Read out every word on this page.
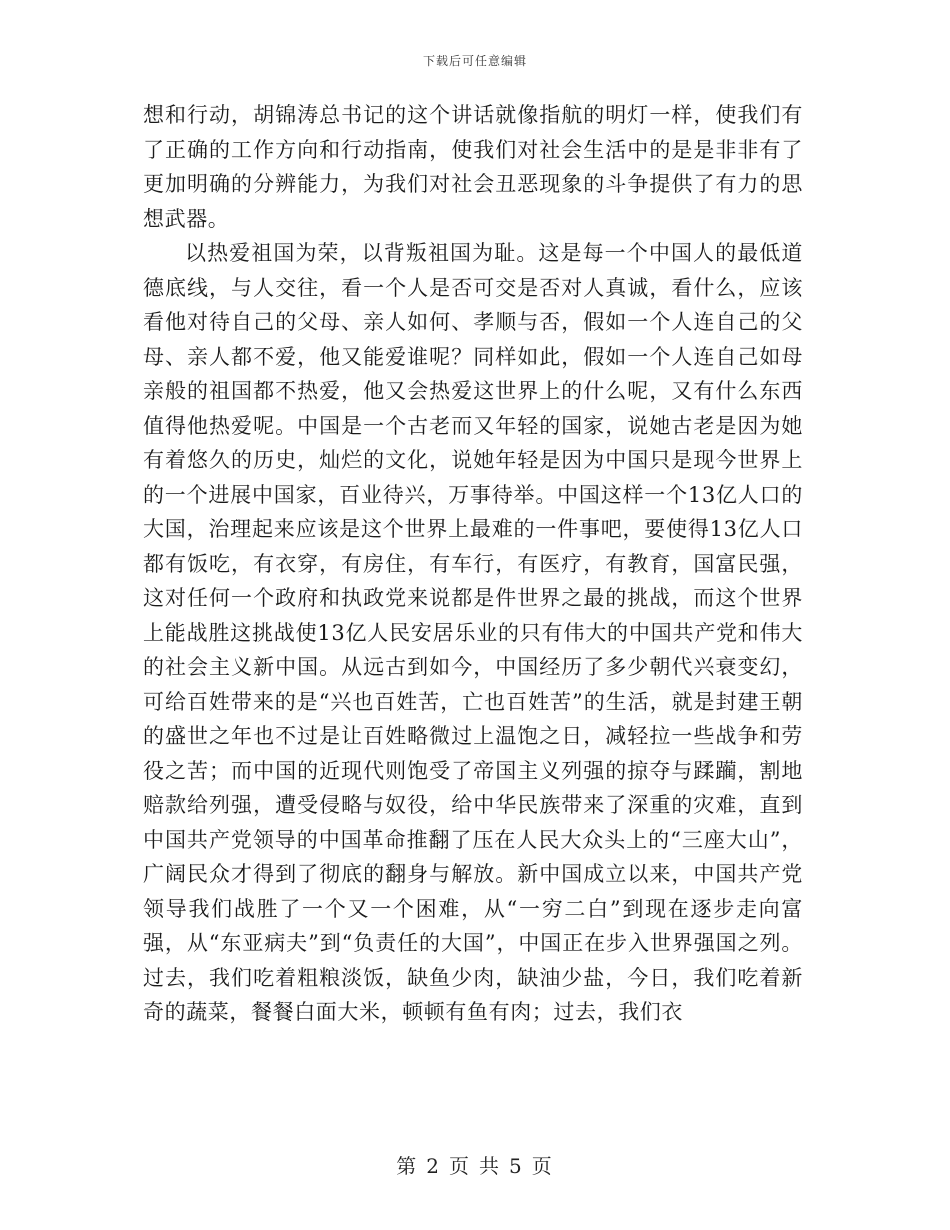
下载后可任意编辑

想和行动，胡锦涛总书记的这个讲话就像指航的明灯一样，使我们有了正确的工作方向和行动指南，使我们对社会生活中的是是非非有了更加明确的分辨能力，为我们对社会丑恶现象的斗争提供了有力的思想武器。

以热爱祖国为荣，以背叛祖国为耻。这是每一个中国人的最低道德底线，与人交往，看一个人是否可交是否对人真诚，看什么，应该看他对待自己的父母、亲人如何、孝顺与否，假如一个人连自己的父母、亲人都不爱，他又能爱谁呢？同样如此，假如一个人连自己如母亲般的祖国都不热爱，他又会热爱这世界上的什么呢，又有什么东西值得他热爱呢。中国是一个古老而又年轻的国家，说她古老是因为她有着悠久的历史，灿烂的文化，说她年轻是因为中国只是现今世界上的一个进展中国家，百业待兴，万事待举。中国这样一个13亿人口的大国，治理起来应该是这个世界上最难的一件事吧，要使得13亿人口都有饭吃，有衣穿，有房住，有车行，有医疗，有教育，国富民强，这对任何一个政府和执政党来说都是件世界之最的挑战，而这个世界上能战胜这挑战使13亿人民安居乐业的只有伟大的中国共产党和伟大的社会主义新中国。从远古到如今，中国经历了多少朝代兴衰变幻，可给百姓带来的是“兴也百姓苦，亡也百姓苦”的生活，就是封建王朝的盛世之年也不过是让百姓略微过上温饱之日，减轻拉一些战争和劳役之苦；而中国的近现代则饱受了帝国主义列强的掠夺与蹂躏，割地赔款给列强，遭受侵略与奴役，给中华民族带来了深重的灾难，直到中国共产党领导的中国革命推翻了压在人民大众头上的“三座大山”，广阔民众才得到了彻底的翻身与解放。新中国成立以来，中国共产党领导我们战胜了一个又一个困难，从“一穷二白”到现在逐步走向富强，从“东亚病夫”到“负责任的大国”，中国正在步入世界强国之列。过去，我们吃着粗粮淡饭，缺鱼少肉，缺油少盐，今日，我们吃着新奇的蔬菜，餐餐白面大米，顿顿有鱼有肉；过去，我们衣

第 2 页 共 5 页
